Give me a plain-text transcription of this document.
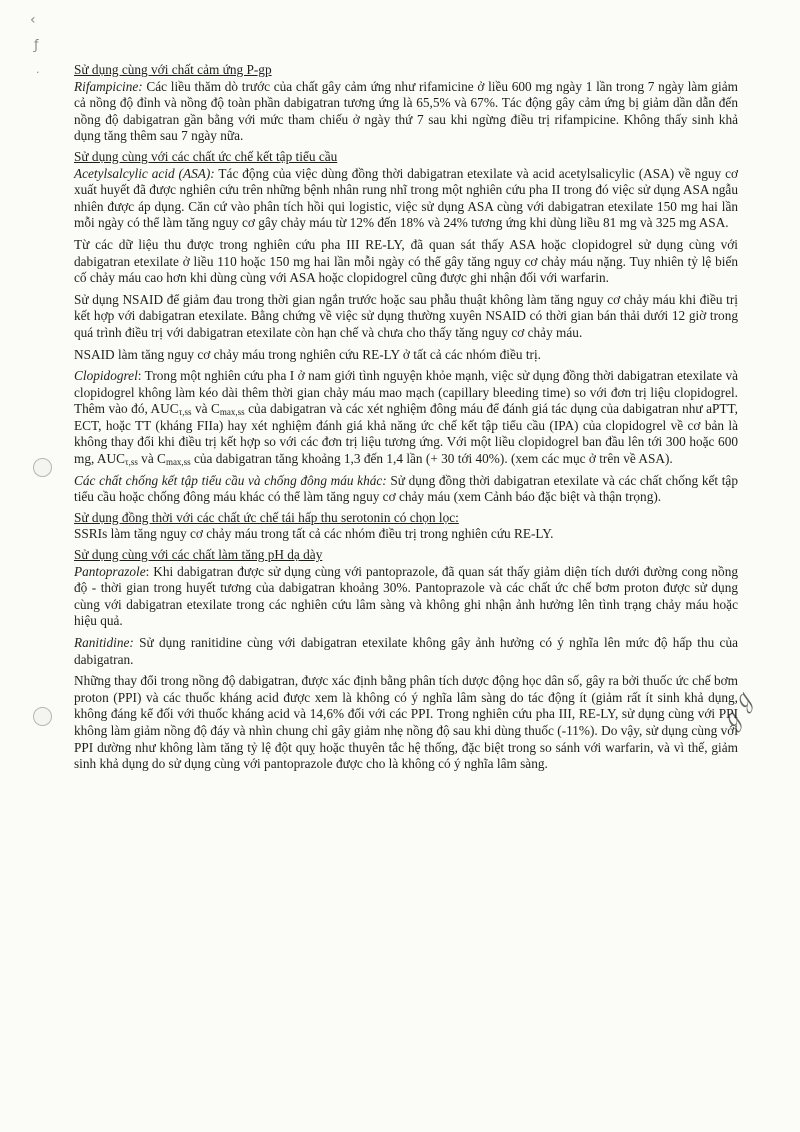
‹
ƒ
·
ℊℊ

Sử dụng cùng với chất cảm ứng P-gp

Rifampicine: Các liều thăm dò trước của chất gây cảm ứng như rifamicine ở liều 600 mg ngày 1 lần trong 7 ngày làm giảm cả nồng độ đỉnh và nồng độ toàn phần dabigatran tương ứng là 65,5% và 67%. Tác động gây cảm ứng bị giảm dần dẫn đến nồng độ dabigatran gần bằng với mức tham chiếu ở ngày thứ 7 sau khi ngừng điều trị rifampicine. Không thấy sinh khả dụng tăng thêm sau 7 ngày nữa.

Sử dụng cùng với các chất ức chế kết tập tiểu cầu

Acetylsalcylic acid (ASA): Tác động của việc dùng đồng thời dabigatran etexilate và acid acetylsalicylic (ASA) về nguy cơ xuất huyết đã được nghiên cứu trên những bệnh nhân rung nhĩ trong một nghiên cứu pha II trong đó việc sử dụng ASA ngẫu nhiên được áp dụng. Căn cứ vào phân tích hồi qui logistic, việc sử dụng ASA cùng với dabigatran etexilate 150 mg hai lần mỗi ngày có thể làm tăng nguy cơ gây chảy máu từ 12% đến 18% và 24% tương ứng khi dùng liều 81 mg và 325 mg ASA.

Từ các dữ liệu thu được trong nghiên cứu pha III RE-LY, đã quan sát thấy ASA hoặc clopidogrel sử dụng cùng với dabigatran etexilate ở liều 110 hoặc 150 mg hai lần mỗi ngày có thể gây tăng nguy cơ chảy máu nặng. Tuy nhiên tỷ lệ biến cố chảy máu cao hơn khi dùng cùng với ASA hoặc clopidogrel cũng được ghi nhận đối với warfarin.

Sử dụng NSAID để giảm đau trong thời gian ngắn trước hoặc sau phẫu thuật không làm tăng nguy cơ chảy máu khi điều trị kết hợp với dabigatran etexilate. Bằng chứng về việc sử dụng thường xuyên NSAID có thời gian bán thải dưới 12 giờ trong quá trình điều trị với dabigatran etexilate còn hạn chế và chưa cho thấy tăng nguy cơ chảy máu.

NSAID làm tăng nguy cơ chảy máu trong nghiên cứu RE-LY ở tất cả các nhóm điều trị.

Clopidogrel: Trong một nghiên cứu pha I ở nam giới tình nguyện khỏe mạnh, việc sử dụng đồng thời dabigatran etexilate và clopidogrel không làm kéo dài thêm thời gian chảy máu mao mạch (capillary bleeding time) so với đơn trị liệu clopidogrel. Thêm vào đó, $AUC_{\tau,ss}$ và $C_{max,ss}$ của dabigatran và các xét nghiệm đông máu để đánh giá tác dụng của dabigatran như aPTT, ECT, hoặc TT (kháng FIIa) hay xét nghiệm đánh giá khả năng ức chế kết tập tiểu cầu (IPA) của clopidogrel về cơ bản là không thay đổi khi điều trị kết hợp so với các đơn trị liệu tương ứng. Với một liều clopidogrel ban đầu lên tới 300 hoặc 600 mg, $AUC_{\tau,ss}$ và $C_{max,ss}$ của dabigatran tăng khoảng 1,3 đến 1,4 lần (+ 30 tới 40%). (xem các mục ở trên về ASA).

Các chất chống kết tập tiểu cầu và chống đông máu khác: Sử dụng đồng thời dabigatran etexilate và các chất chống kết tập tiểu cầu hoặc chống đông máu khác có thể làm tăng nguy cơ chảy máu (xem Cảnh báo đặc biệt và thận trọng).

Sử dụng đồng thời với các chất ức chế tái hấp thu serotonin có chọn lọc:

SSRIs làm tăng nguy cơ chảy máu trong tất cả các nhóm điều trị trong nghiên cứu RE-LY.

Sử dụng cùng với các chất làm tăng pH dạ dày

Pantoprazole: Khi dabigatran được sử dụng cùng với pantoprazole, đã quan sát thấy giảm diện tích dưới đường cong nồng độ - thời gian trong huyết tương của dabigatran khoảng 30%. Pantoprazole và các chất ức chế bơm proton được sử dụng cùng với dabigatran etexilate trong các nghiên cứu lâm sàng và không ghi nhận ảnh hưởng lên tình trạng chảy máu hoặc hiệu quả.

Ranitidine: Sử dụng ranitidine cùng với dabigatran etexilate không gây ảnh hưởng có ý nghĩa lên mức độ hấp thu của dabigatran.

Những thay đổi trong nồng độ dabigatran, được xác định bằng phân tích dược động học dân số, gây ra bởi thuốc ức chế bơm proton (PPI) và các thuốc kháng acid được xem là không có ý nghĩa lâm sàng do tác động ít (giảm rất ít sinh khả dụng, không đáng kể đối với thuốc kháng acid và 14,6% đối với các PPI. Trong nghiên cứu pha III, RE-LY, sử dụng cùng với PPI không làm giảm nồng độ đáy và nhìn chung chỉ gây giảm nhẹ nồng độ sau khi dùng thuốc (-11%). Do vậy, sử dụng cùng với PPI dường như không làm tăng tỷ lệ đột quỵ hoặc thuyên tắc hệ thống, đặc biệt trong so sánh với warfarin, và vì thế, giảm sinh khả dụng do sử dụng cùng với pantoprazole được cho là không có ý nghĩa lâm sàng.
